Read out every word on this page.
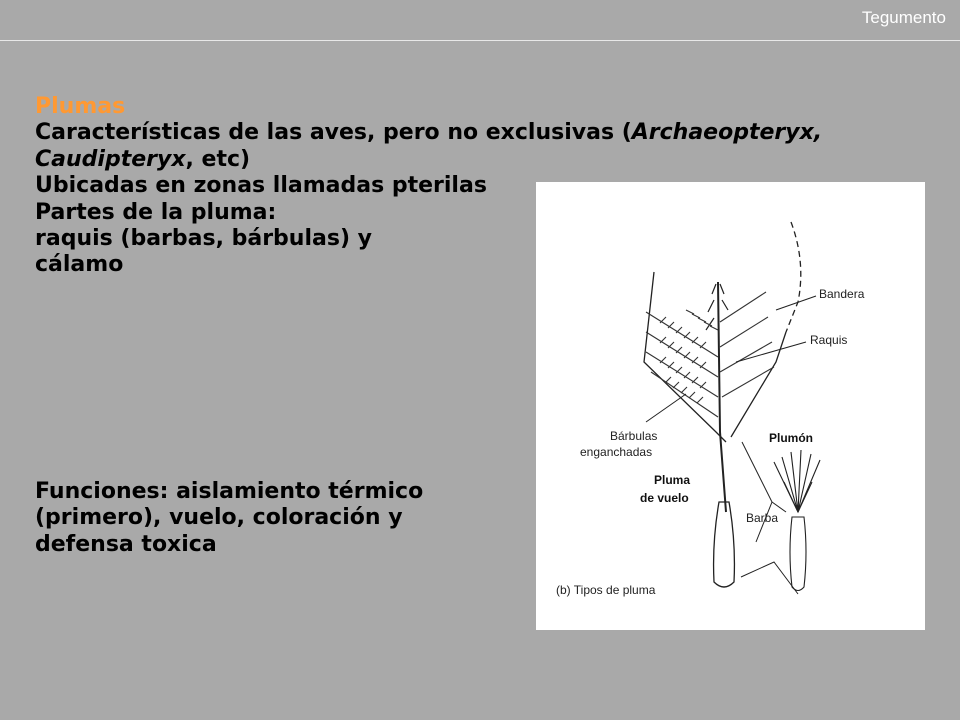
Tegumento
Plumas
Características de las aves, pero no exclusivas (Archaeopteryx,
Caudipteryx, etc)
Ubicadas en zonas llamadas pterilas
Partes de la pluma:
raquis (barbas, bárbulas) y
cálamo
Funciones: aislamiento térmico
(primero), vuelo, coloración y
defensa toxica
Bandera
Raquis
Bárbulas
enganchadas
Plumón
Pluma
de vuelo
Barba
(b) Tipos de pluma
